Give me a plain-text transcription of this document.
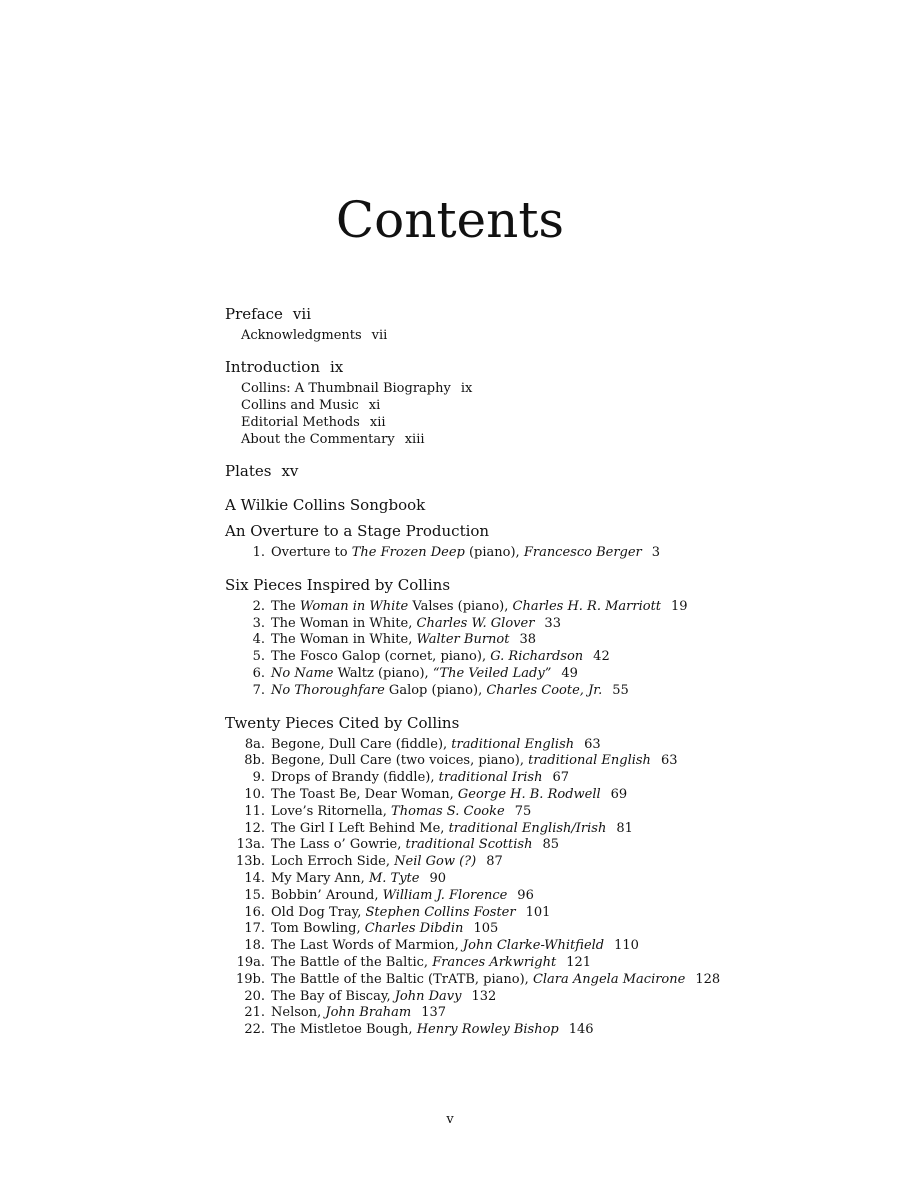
Contents
Preface vii
Acknowledgments vii
Introduction ix
Collins: A Thumbnail Biography ix
Collins and Music xi
Editorial Methods xii
About the Commentary xiii
Plates xv
A Wilkie Collins Songbook
An Overture to a Stage Production
1. Overture to The Frozen Deep (piano), Francesco Berger 3
Six Pieces Inspired by Collins
2. The Woman in White Valses (piano), Charles H. R. Marriott 19
3. The Woman in White, Charles W. Glover 33
4. The Woman in White, Walter Burnot 38
5. The Fosco Galop (cornet, piano), G. Richardson 42
6. No Name Waltz (piano), “The Veiled Lady” 49
7. No Thoroughfare Galop (piano), Charles Coote, Jr. 55
Twenty Pieces Cited by Collins
8a. Begone, Dull Care (fiddle), traditional English 63
8b. Begone, Dull Care (two voices, piano), traditional English 63
9. Drops of Brandy (fiddle), traditional Irish 67
10. The Toast Be, Dear Woman, George H. B. Rodwell 69
11. Love’s Ritornella, Thomas S. Cooke 75
12. The Girl I Left Behind Me, traditional English/Irish 81
13a. The Lass o’ Gowrie, traditional Scottish 85
13b. Loch Erroch Side, Neil Gow (?) 87
14. My Mary Ann, M. Tyte 90
15. Bobbin’ Around, William J. Florence 96
16. Old Dog Tray, Stephen Collins Foster 101
17. Tom Bowling, Charles Dibdin 105
18. The Last Words of Marmion, John Clarke-Whitfield 110
19a. The Battle of the Baltic, Frances Arkwright 121
19b. The Battle of the Baltic (TrATB, piano), Clara Angela Macirone 128
20. The Bay of Biscay, John Davy 132
21. Nelson, John Braham 137
22. The Mistletoe Bough, Henry Rowley Bishop 146
v
